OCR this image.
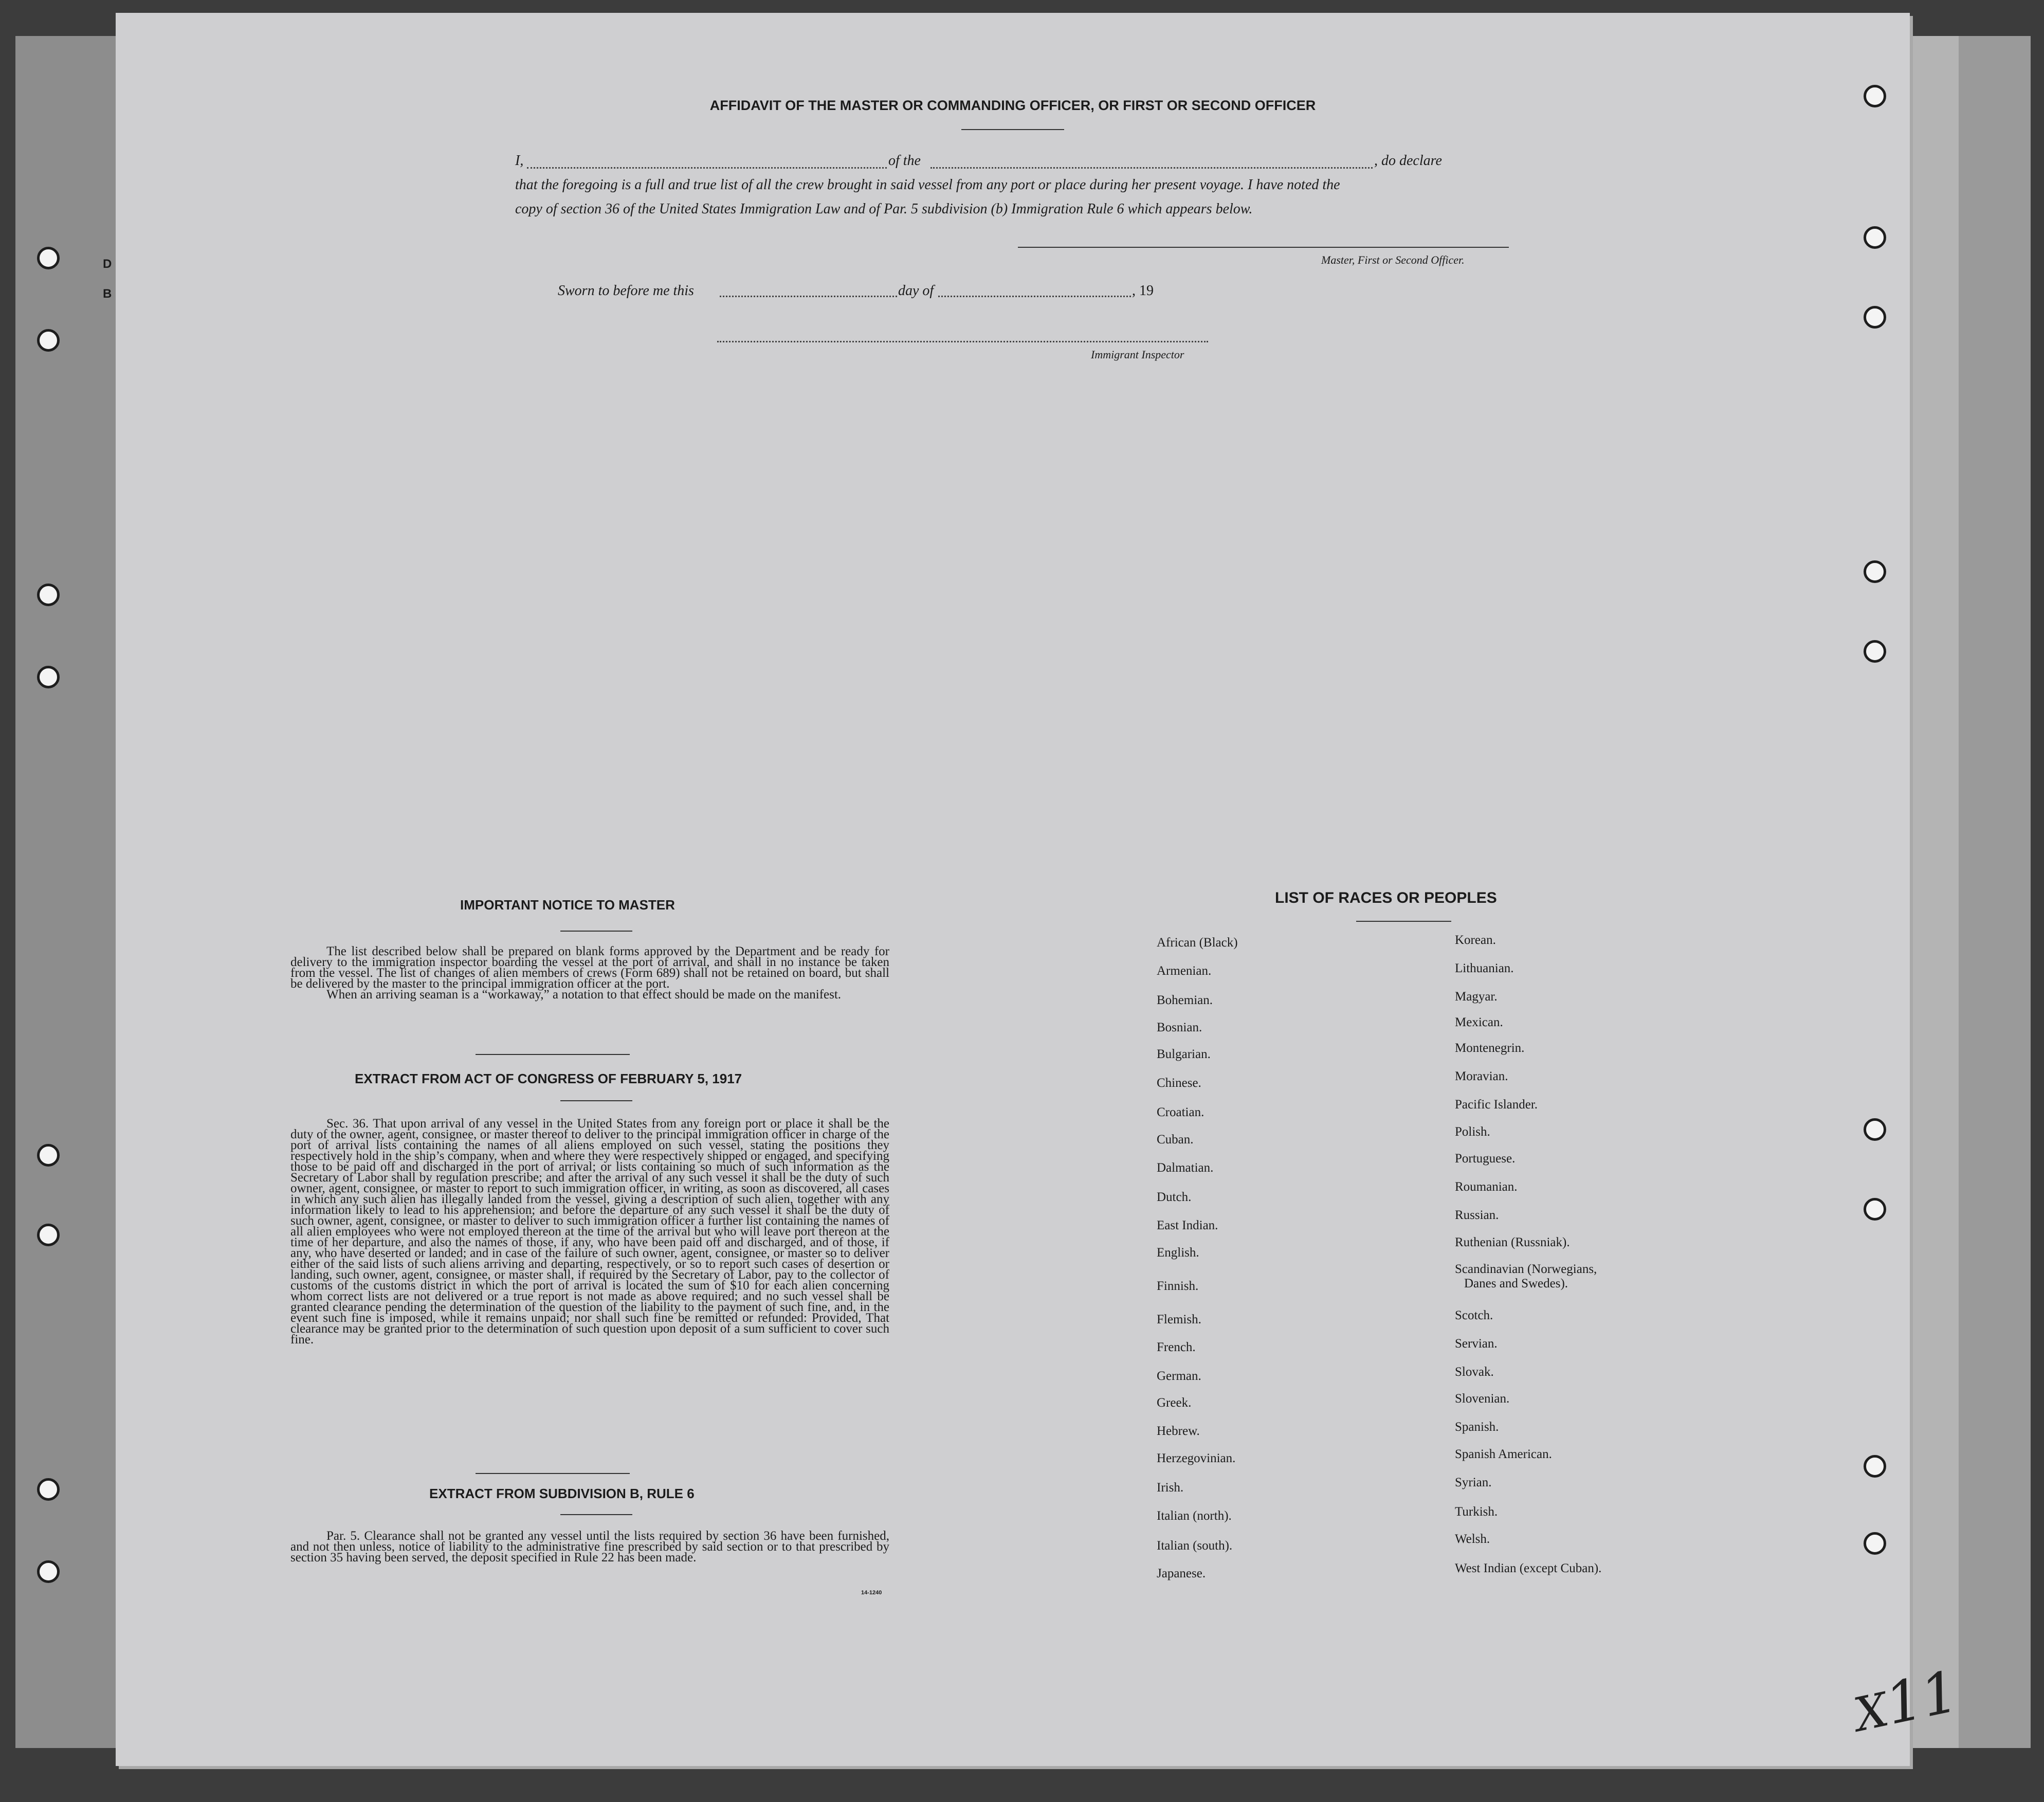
D
B
AFFIDAVIT OF THE MASTER OR COMMANDING OFFICER, OR FIRST OR SECOND OFFICER
I,	of the	, do declare
that the foregoing is a full and true list of all the crew brought in said vessel from any port or place during her present voyage. I have noted the
copy of section 36 of the United States Immigration Law and of Par. 5 subdivision (b) Immigration Rule 6 which appears below.
Master, First or Second Officer.
Sworn to before me this	day of	, 19
Immigrant Inspector
IMPORTANT NOTICE TO MASTER

The list described below shall be prepared on blank forms approved by the Department and be ready for delivery to the immigration inspector boarding the vessel at the port of arrival, and shall in no instance be taken from the vessel. The list of changes of alien members of crews (Form 689) shall not be retained on board, but shall be delivered by the master to the principal immigration officer at the port.

When an arriving seaman is a “workaway,” a notation to that effect should be made on the manifest.

EXTRACT FROM ACT OF CONGRESS OF FEBRUARY 5, 1917

Sec. 36. That upon arrival of any vessel in the United States from any foreign port or place it shall be the duty of the owner, agent, consignee, or master thereof to deliver to the principal immigration officer in charge of the port of arrival lists containing the names of all aliens employed on such vessel, stating the positions they respectively hold in the ship’s company, when and where they were respectively shipped or engaged, and specifying those to be paid off and discharged in the port of arrival; or lists containing so much of such information as the Secretary of Labor shall by regulation prescribe; and after the arrival of any such vessel it shall be the duty of such owner, agent, consignee, or master to report to such immigration officer, in writing, as soon as discovered, all cases in which any such alien has illegally landed from the vessel, giving a description of such alien, together with any information likely to lead to his apprehension; and before the departure of any such vessel it shall be the duty of such owner, agent, consignee, or master to deliver to such immigration officer a further list containing the names of all alien employees who were not employed thereon at the time of the arrival but who will leave port thereon at the time of her departure, and also the names of those, if any, who have been paid off and discharged, and of those, if any, who have deserted or landed; and in case of the failure of such owner, agent, consignee, or master so to deliver either of the said lists of such aliens arriving and departing, respectively, or so to report such cases of desertion or landing, such owner, agent, consignee, or master shall, if required by the Secretary of Labor, pay to the collector of customs of the customs district in which the port of arrival is located the sum of $10 for each alien concerning whom correct lists are not delivered or a true report is not made as above required; and no such vessel shall be granted clearance pending the determination of the question of the liability to the payment of such fine, and, in the event such fine is imposed, while it remains unpaid; nor shall such fine be remitted or refunded: Provided, That clearance may be granted prior to the determination of such question upon deposit of a sum sufficient to cover such fine.

EXTRACT FROM SUBDIVISION B, RULE 6

Par. 5. Clearance shall not be granted any vessel until the lists required by section 36 have been furnished, and not then unless, notice of liability to the administrative fine prescribed by said section or to that prescribed by section 35 having been served, the deposit specified in Rule 22 has been made.

14-1240
LIST OF RACES OR PEOPLES
X11
African (Black)
Armenian.
Bohemian.
Bosnian.
Bulgarian.
Chinese.
Croatian.
Cuban.
Dalmatian.
Dutch.
East Indian.
English.
Finnish.
Flemish.
French.
German.
Greek.
Hebrew.
Herzegovinian.
Irish.
Italian (north).
Italian (south).
Japanese.
Korean.
Lithuanian.
Magyar.
Mexican.
Montenegrin.
Moravian.
Pacific Islander.
Polish.
Portuguese.
Roumanian.
Russian.
Ruthenian (Russniak).
Scandinavian (Norwegians,
Danes and Swedes).
Scotch.
Servian.
Slovak.
Slovenian.
Spanish.
Spanish American.
Syrian.
Turkish.
Welsh.
West Indian (except Cuban).
